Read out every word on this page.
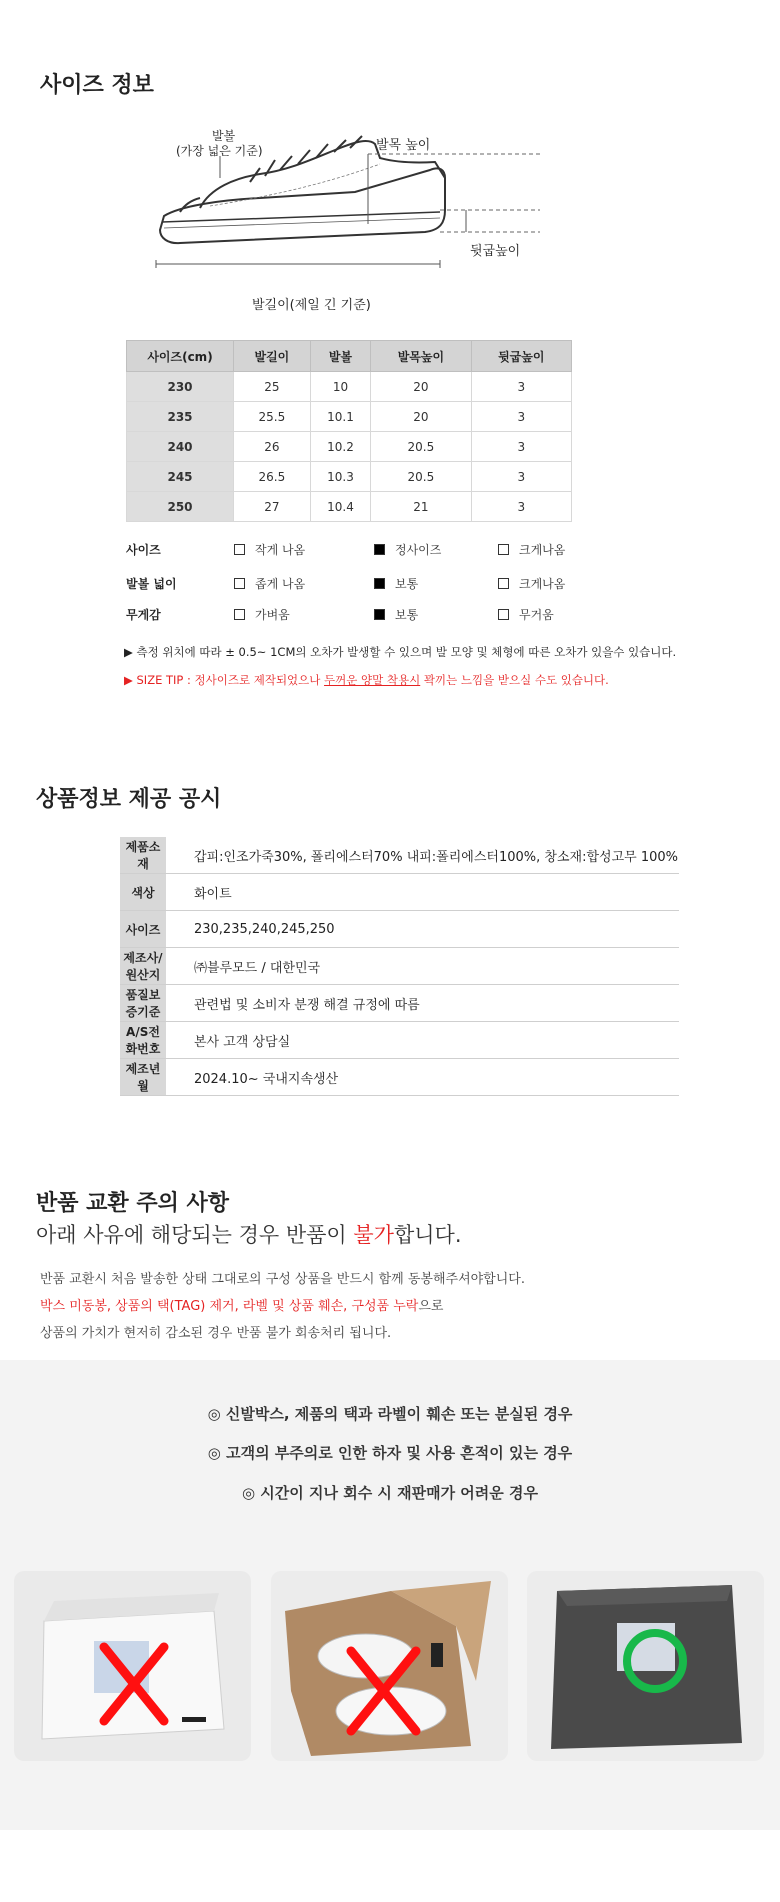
사이즈 정보
발볼
(가장 넓은 기준)	발목 높이
뒷굽높이
발길이(제일 긴 기준)
사이즈(cm)	발길이	발볼	발목높이	뒷굽높이
230	25	10	20	3
235	25.5	10.1	20	3
240	26	10.2	20.5	3
245	26.5	10.3	20.5	3
250	27	10.4	21	3
사이즈	작게 나옴	정사이즈	크게나옴
발볼 넓이	좁게 나옴	보통	크게나옴
무게감	가벼움	보통	무거움
▶ 측정 위치에 따라 ± 0.5~ 1CM의 오차가 발생할 수 있으며 발 모양 및 체형에 따른 오차가 있을수 있습니다.
▶ SIZE TIP : 정사이즈로 제작되었으나 두꺼운 양말 착용시 꽉끼는 느낌을 받으실 수도 있습니다.
상품정보 제공 공시
제품소재	갑피:인조가죽30%, 폴리에스터70% 내피:폴리에스터100%, 창소재:합성고무 100%
색상	화이트
사이즈	230,235,240,245,250
제조사/원산지	㈜블루모드 / 대한민국
품질보증기준	관련법 및 소비자 분쟁 해결 규정에 따름
A/S전화번호	본사 고객 상담실
제조년월	2024.10~ 국내지속생산
반품 교환 주의 사항
아래 사유에 해당되는 경우 반품이 불가합니다.
반품 교환시 처음 발송한 상태 그대로의 구성 상품을 반드시 함께 동봉해주셔야합니다.
박스 미동봉, 상품의 택(TAG) 제거, 라벨 및 상품 훼손, 구성품 누락으로
상품의 가치가 현저히 감소된 경우 반품 불가 회송처리 됩니다.
◎ 신발박스, 제품의 택과 라벨이 훼손 또는 분실된 경우
◎ 고객의 부주의로 인한 하자 및 사용 흔적이 있는 경우
◎ 시간이 지나 회수 시 재판매가 어려운 경우
